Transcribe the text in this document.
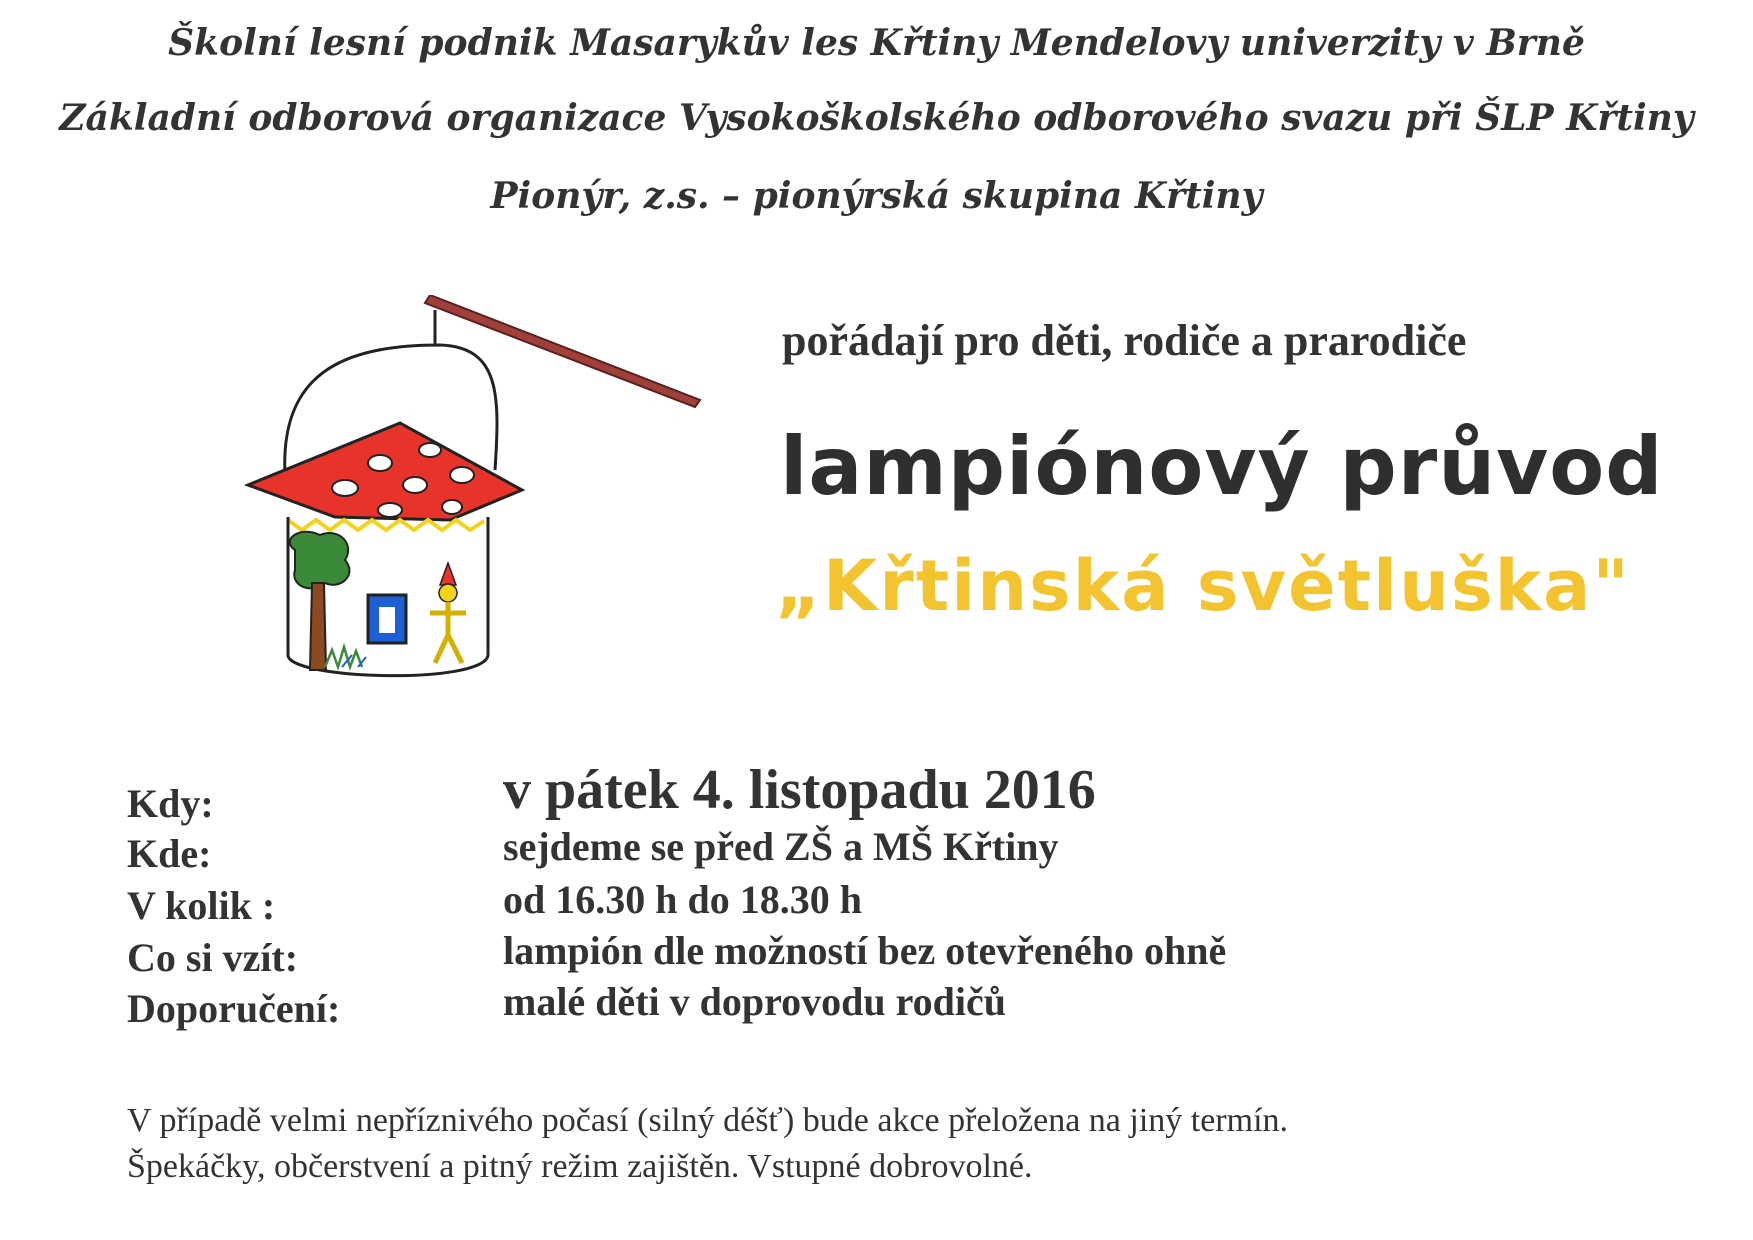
Školní lesní podnik Masarykův les Křtiny Mendelovy univerzity v Brně
Základní odborová organizace Vysokoškolského odborového svazu při ŠLP Křtiny
Pionýr, z.s. – pionýrská skupina Křtiny
pořádají pro děti, rodiče a prarodiče
lampiónový průvod
„Křtinská světluška"
Kdy:	v pátek 4. listopadu 2016
Kde:	sejdeme se před ZŠ a MŠ Křtiny
V kolik :	od 16.30 h do 18.30 h
Co si vzít:	lampión dle možností bez otevřeného ohně
Doporučení:	malé děti v doprovodu rodičů
V případě velmi nepříznivého počasí (silný déšť) bude akce přeložena na jiný termín.
Špekáčky, občerstvení a pitný režim zajištěn. Vstupné dobrovolné.
